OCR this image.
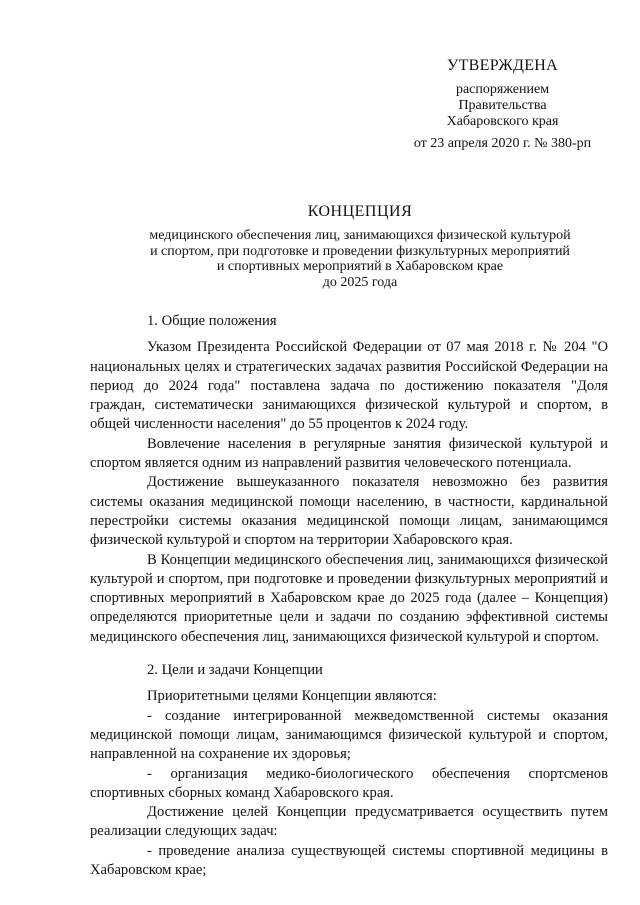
УТВЕРЖДЕНА
распоряжением
Правительства
Хабаровского края
от 23 апреля 2020 г. № 380-рп
КОНЦЕПЦИЯ
медицинского обеспечения лиц, занимающихся физической культурой
и спортом, при подготовке и проведении физкультурных мероприятий
и спортивных мероприятий в Хабаровском крае
до 2025 года

1. Общие положения

Указом Президента Российской Федерации от 07 мая 2018 г. № 204 "О национальных целях и стратегических задачах развития Российской Федерации на период до 2024 года" поставлена задача по достижению показателя "Доля граждан, систематически занимающихся физической культурой и спортом, в общей численности населения" до 55 процентов к 2024 году.

Вовлечение населения в регулярные занятия физической культурой и спортом является одним из направлений развития человеческого потенциала.

Достижение вышеуказанного показателя невозможно без развития системы оказания медицинской помощи населению, в частности, кардинальной перестройки системы оказания медицинской помощи лицам, занимающимся физической культурой и спортом на территории Хабаровского края.

В Концепции медицинского обеспечения лиц, занимающихся физической культурой и спортом, при подготовке и проведении физкультурных мероприятий и спортивных мероприятий в Хабаровском крае до 2025 года (далее – Концепция) определяются приоритетные цели и задачи по созданию эффективной системы медицинского обеспечения лиц, занимающихся физической культурой и спортом.

2. Цели и задачи Концепции

Приоритетными целями Концепции являются:

- создание интегрированной межведомственной системы оказания медицинской помощи лицам, занимающимся физической культурой и спортом, направленной на сохранение их здоровья;

- организация медико-биологического обеспечения спортсменов спортивных сборных команд Хабаровского края.

Достижение целей Концепции предусматривается осуществить путем реализации следующих задач:

- проведение анализа существующей системы спортивной медицины в Хабаровском крае;
